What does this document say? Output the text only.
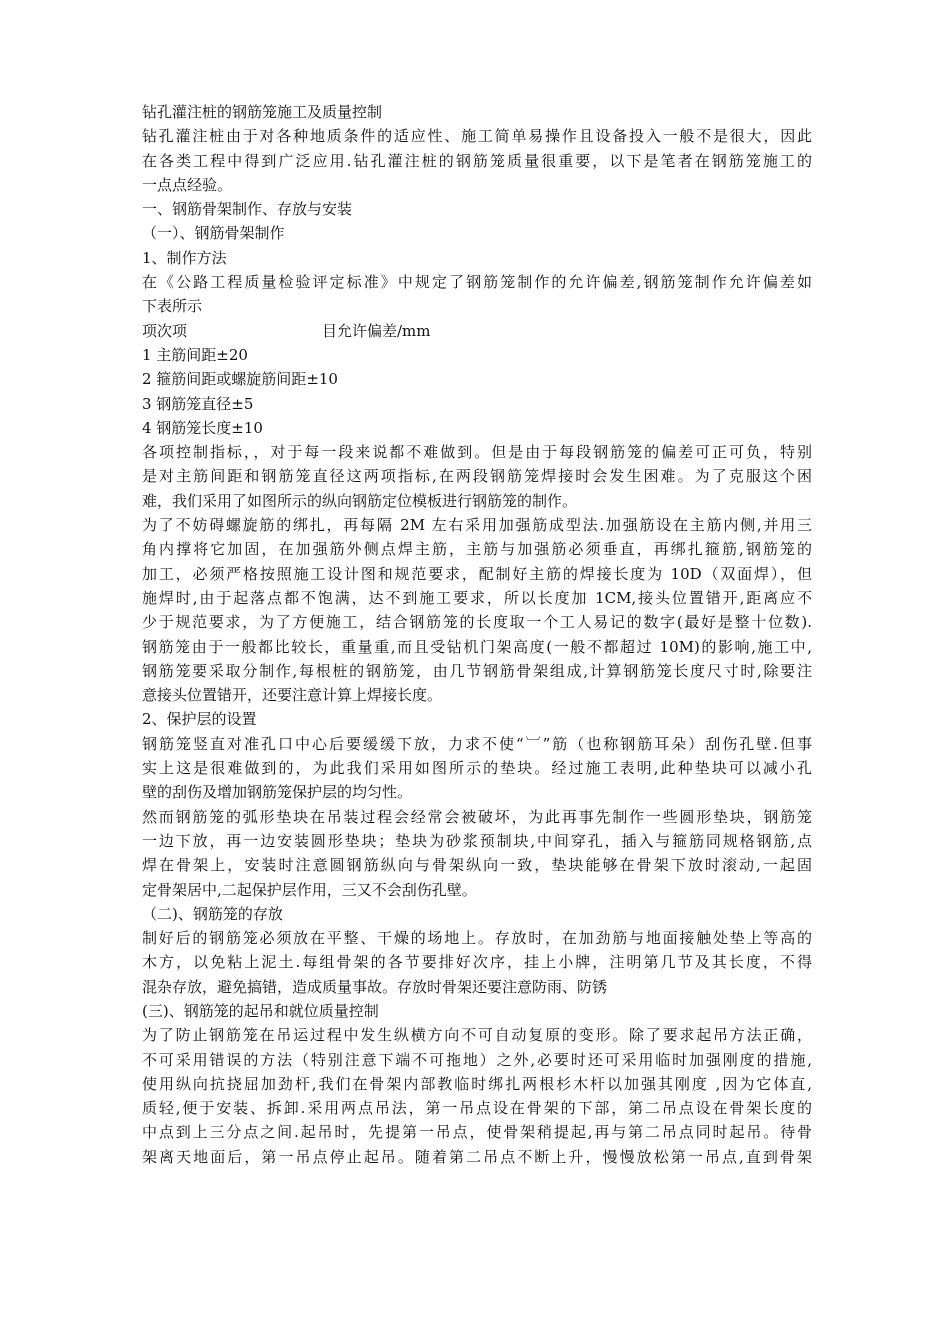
钻孔灌注桩的钢筋笼施工及质量控制
钻孔灌注桩由于对各种地质条件的适应性、施工简单易操作且设备投入一般不是很大，因此
在各类工程中得到广泛应用.钻孔灌注桩的钢筋笼质量很重要，以下是笔者在钢筋笼施工的
一点点经验。
一、钢筋骨架制作、存放与安装
（一）、钢筋骨架制作
1、制作方法
在《公路工程质量检验评定标准》中规定了钢筋笼制作的允许偏差,钢筋笼制作允许偏差如
下表所示
项次项	目允许偏差/mm
1 主筋间距±20
2 箍筋间距或螺旋筋间距±10
3 钢筋笼直径±5
4 钢筋笼长度±10
各项控制指标，，对于每一段来说都不难做到。但是由于每段钢筋笼的偏差可正可负，特别
是对主筋间距和钢筋笼直径这两项指标,在两段钢筋笼焊接时会发生困难。为了克服这个困
难，我们采用了如图所示的纵向钢筋定位模板进行钢筋笼的制作。
为了不妨碍螺旋筋的绑扎，再每隔 2M 左右采用加强筋成型法.加强筋设在主筋内侧,并用三
角内撑将它加固，在加强筋外侧点焊主筋，主筋与加强筋必须垂直，再绑扎箍筋,钢筋笼的
加工，必须严格按照施工设计图和规范要求，配制好主筋的焊接长度为 10D（双面焊），但
施焊时,由于起落点都不饱满，达不到施工要求，所以长度加 1CM,接头位置错开,距离应不
少于规范要求，为了方便施工，结合钢筋笼的长度取一个工人易记的数字(最好是整十位数).
钢筋笼由于一般都比较长，重量重,而且受钻机门架高度(一般不都超过 10M)的影响,施工中,
钢筋笼要采取分制作,每根桩的钢筋笼，由几节钢筋骨架组成,计算钢筋笼长度尺寸时,除要注
意接头位置错开，还要注意计算上焊接长度。
2、保护层的设置
钢筋笼竖直对准孔口中心后要缓缓下放，力求不使“︺”筋（也称钢筋耳朵）刮伤孔壁.但事
实上这是很难做到的，为此我们采用如图所示的垫块。经过施工表明,此种垫块可以减小孔
壁的刮伤及增加钢筋笼保护层的均匀性。
然而钢筋笼的弧形垫块在吊装过程会经常会被破坏，为此再事先制作一些圆形垫块，钢筋笼
一边下放，再一边安装圆形垫块；垫块为砂浆预制块,中间穿孔，插入与箍筋同规格钢筋,点
焊在骨架上，安装时注意圆钢筋纵向与骨架纵向一致，垫块能够在骨架下放时滚动,一起固
定骨架居中,二起保护层作用，三又不会刮伤孔壁。
（二)、钢筋笼的存放
制好后的钢筋笼必须放在平整、干燥的场地上。存放时，在加劲筋与地面接触处垫上等高的
木方，以免粘上泥土.每组骨架的各节要排好次序，挂上小牌，注明第几节及其长度，不得
混杂存放，避免搞错，造成质量事故。存放时骨架还要注意防雨、防锈
(三)、钢筋笼的起吊和就位质量控制
为了防止钢筋笼在吊运过程中发生纵横方向不可自动复原的变形。除了要求起吊方法正确，
不可采用错误的方法（特别注意下端不可拖地）之外,必要时还可采用临时加强刚度的措施,
使用纵向抗挠屈加劲杆,我们在骨架内部教临时绑扎两根杉木杆以加强其刚度 ,因为它体直,
质轻,便于安装、拆卸.采用两点吊法，第一吊点设在骨架的下部，第二吊点设在骨架长度的
中点到上三分点之间.起吊时，先提第一吊点，使骨架稍提起,再与第二吊点同时起吊。待骨
架离天地面后，第一吊点停止起吊。随着第二吊点不断上升，慢慢放松第一吊点,直到骨架
